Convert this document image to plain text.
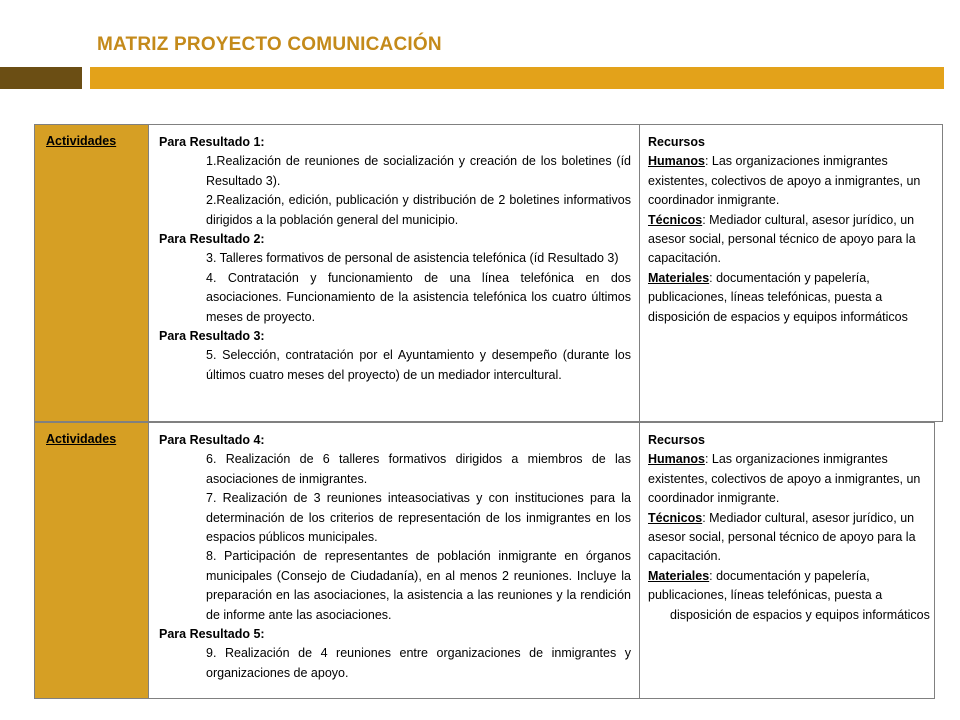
MATRIZ PROYECTO COMUNICACIÓN
Actividades	Para Resultado 1:
1.Realización de reuniones de socialización y creación de los boletines (íd Resultado 3).
2.Realización, edición, publicación y distribución de 2 boletines informativos dirigidos a la población general del municipio.
Para Resultado 2:
3. Talleres formativos de personal de asistencia telefónica (íd Resultado 3)
4. Contratación y funcionamiento de una línea telefónica en dos asociaciones. Funcionamiento de la asistencia telefónica los cuatro últimos meses de proyecto.
Para Resultado 3:
5. Selección, contratación por el Ayuntamiento y desempeño (durante los últimos cuatro meses del proyecto) de un mediador intercultural.
Recursos
Humanos: Las organizaciones inmigrantes existentes, colectivos de apoyo a inmigrantes, un coordinador inmigrante.
Técnicos: Mediador cultural, asesor jurídico, un asesor social, personal técnico de apoyo para la capacitación.
Materiales: documentación y papelería, publicaciones, líneas telefónicas, puesta a disposición de espacios y equipos informáticos
Actividades	Para Resultado 4:
6. Realización de 6 talleres formativos dirigidos a miembros de las asociaciones de inmigrantes.
7. Realización de 3 reuniones inteasociativas y con instituciones para la determinación de los criterios de representación de los inmigrantes en los espacios públicos municipales.
8. Participación de representantes de población inmigrante en órganos municipales (Consejo de Ciudadanía), en al menos 2 reuniones. Incluye la preparación en las asociaciones, la asistencia a las reuniones y la rendición de informe ante las asociaciones.
Para Resultado 5:
9. Realización de 4 reuniones entre organizaciones de inmigrantes y organizaciones de apoyo.
Recursos
Humanos: Las organizaciones inmigrantes existentes, colectivos de apoyo a inmigrantes, un coordinador inmigrante.
Técnicos: Mediador cultural, asesor jurídico, un asesor social, personal técnico de apoyo para la capacitación.
Materiales: documentación y papelería, publicaciones, líneas telefónicas, puesta a
disposición de espacios y equipos informáticos
